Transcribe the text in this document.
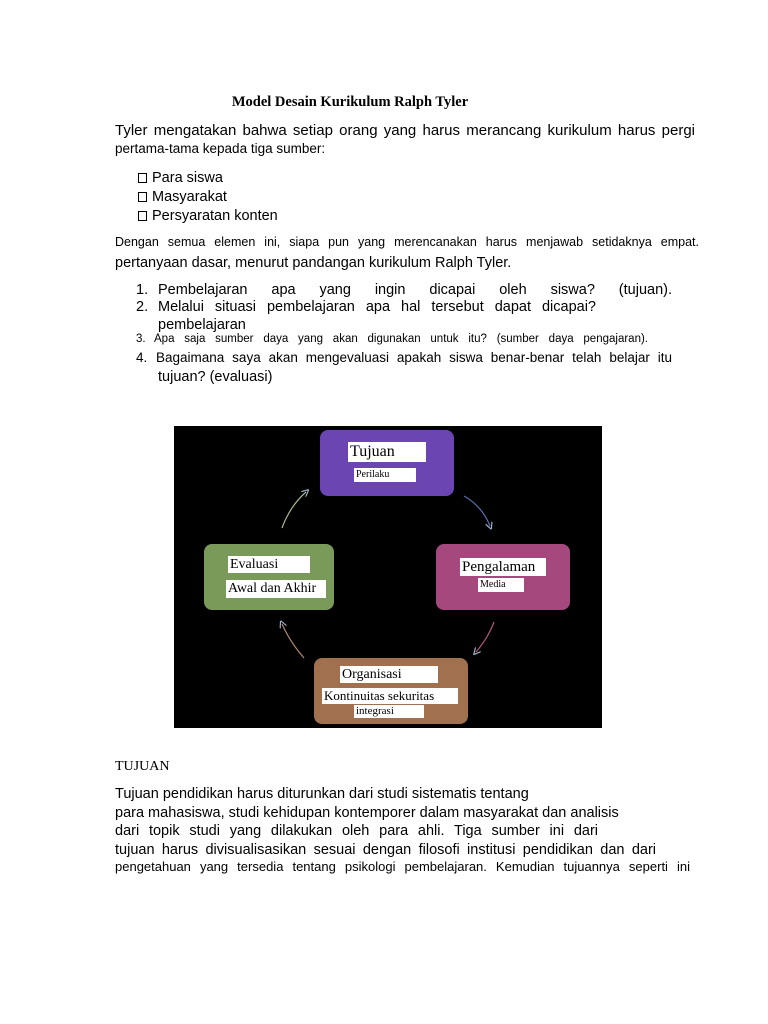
Model Desain Kurikulum Ralph Tyler
Tyler mengatakan bahwa setiap orang yang harus merancang kurikulum harus pergi
pertama-tama kepada tiga sumber:
Para siswa
Masyarakat
Persyaratan konten
Dengan semua elemen ini, siapa pun yang merencanakan harus menjawab setidaknya empat.
pertanyaan dasar, menurut pandangan kurikulum Ralph Tyler.
1. Pembelajaran apa yang ingin dicapai oleh siswa? (tujuan).
2. Melalui situasi pembelajaran apa hal tersebut dapat dicapai?
pembelajaran
3. Apa saja sumber daya yang akan digunakan untuk itu? (sumber daya pengajaran).
4. Bagaimana saya akan mengevaluasi apakah siswa benar-benar telah belajar itu
tujuan? (evaluasi)
Tujuan
Perilaku
Pengalaman
Media
Organisasi
Kontinuitas sekuritas
integrasi
Evaluasi
Awal dan Akhir
TUJUAN
Tujuan pendidikan harus diturunkan dari studi sistematis tentang
para mahasiswa, studi kehidupan kontemporer dalam masyarakat dan analisis
dari topik studi yang dilakukan oleh para ahli. Tiga sumber ini dari
tujuan harus divisualisasikan sesuai dengan filosofi institusi pendidikan dan dari
pengetahuan yang tersedia tentang psikologi pembelajaran. Kemudian tujuannya seperti ini
